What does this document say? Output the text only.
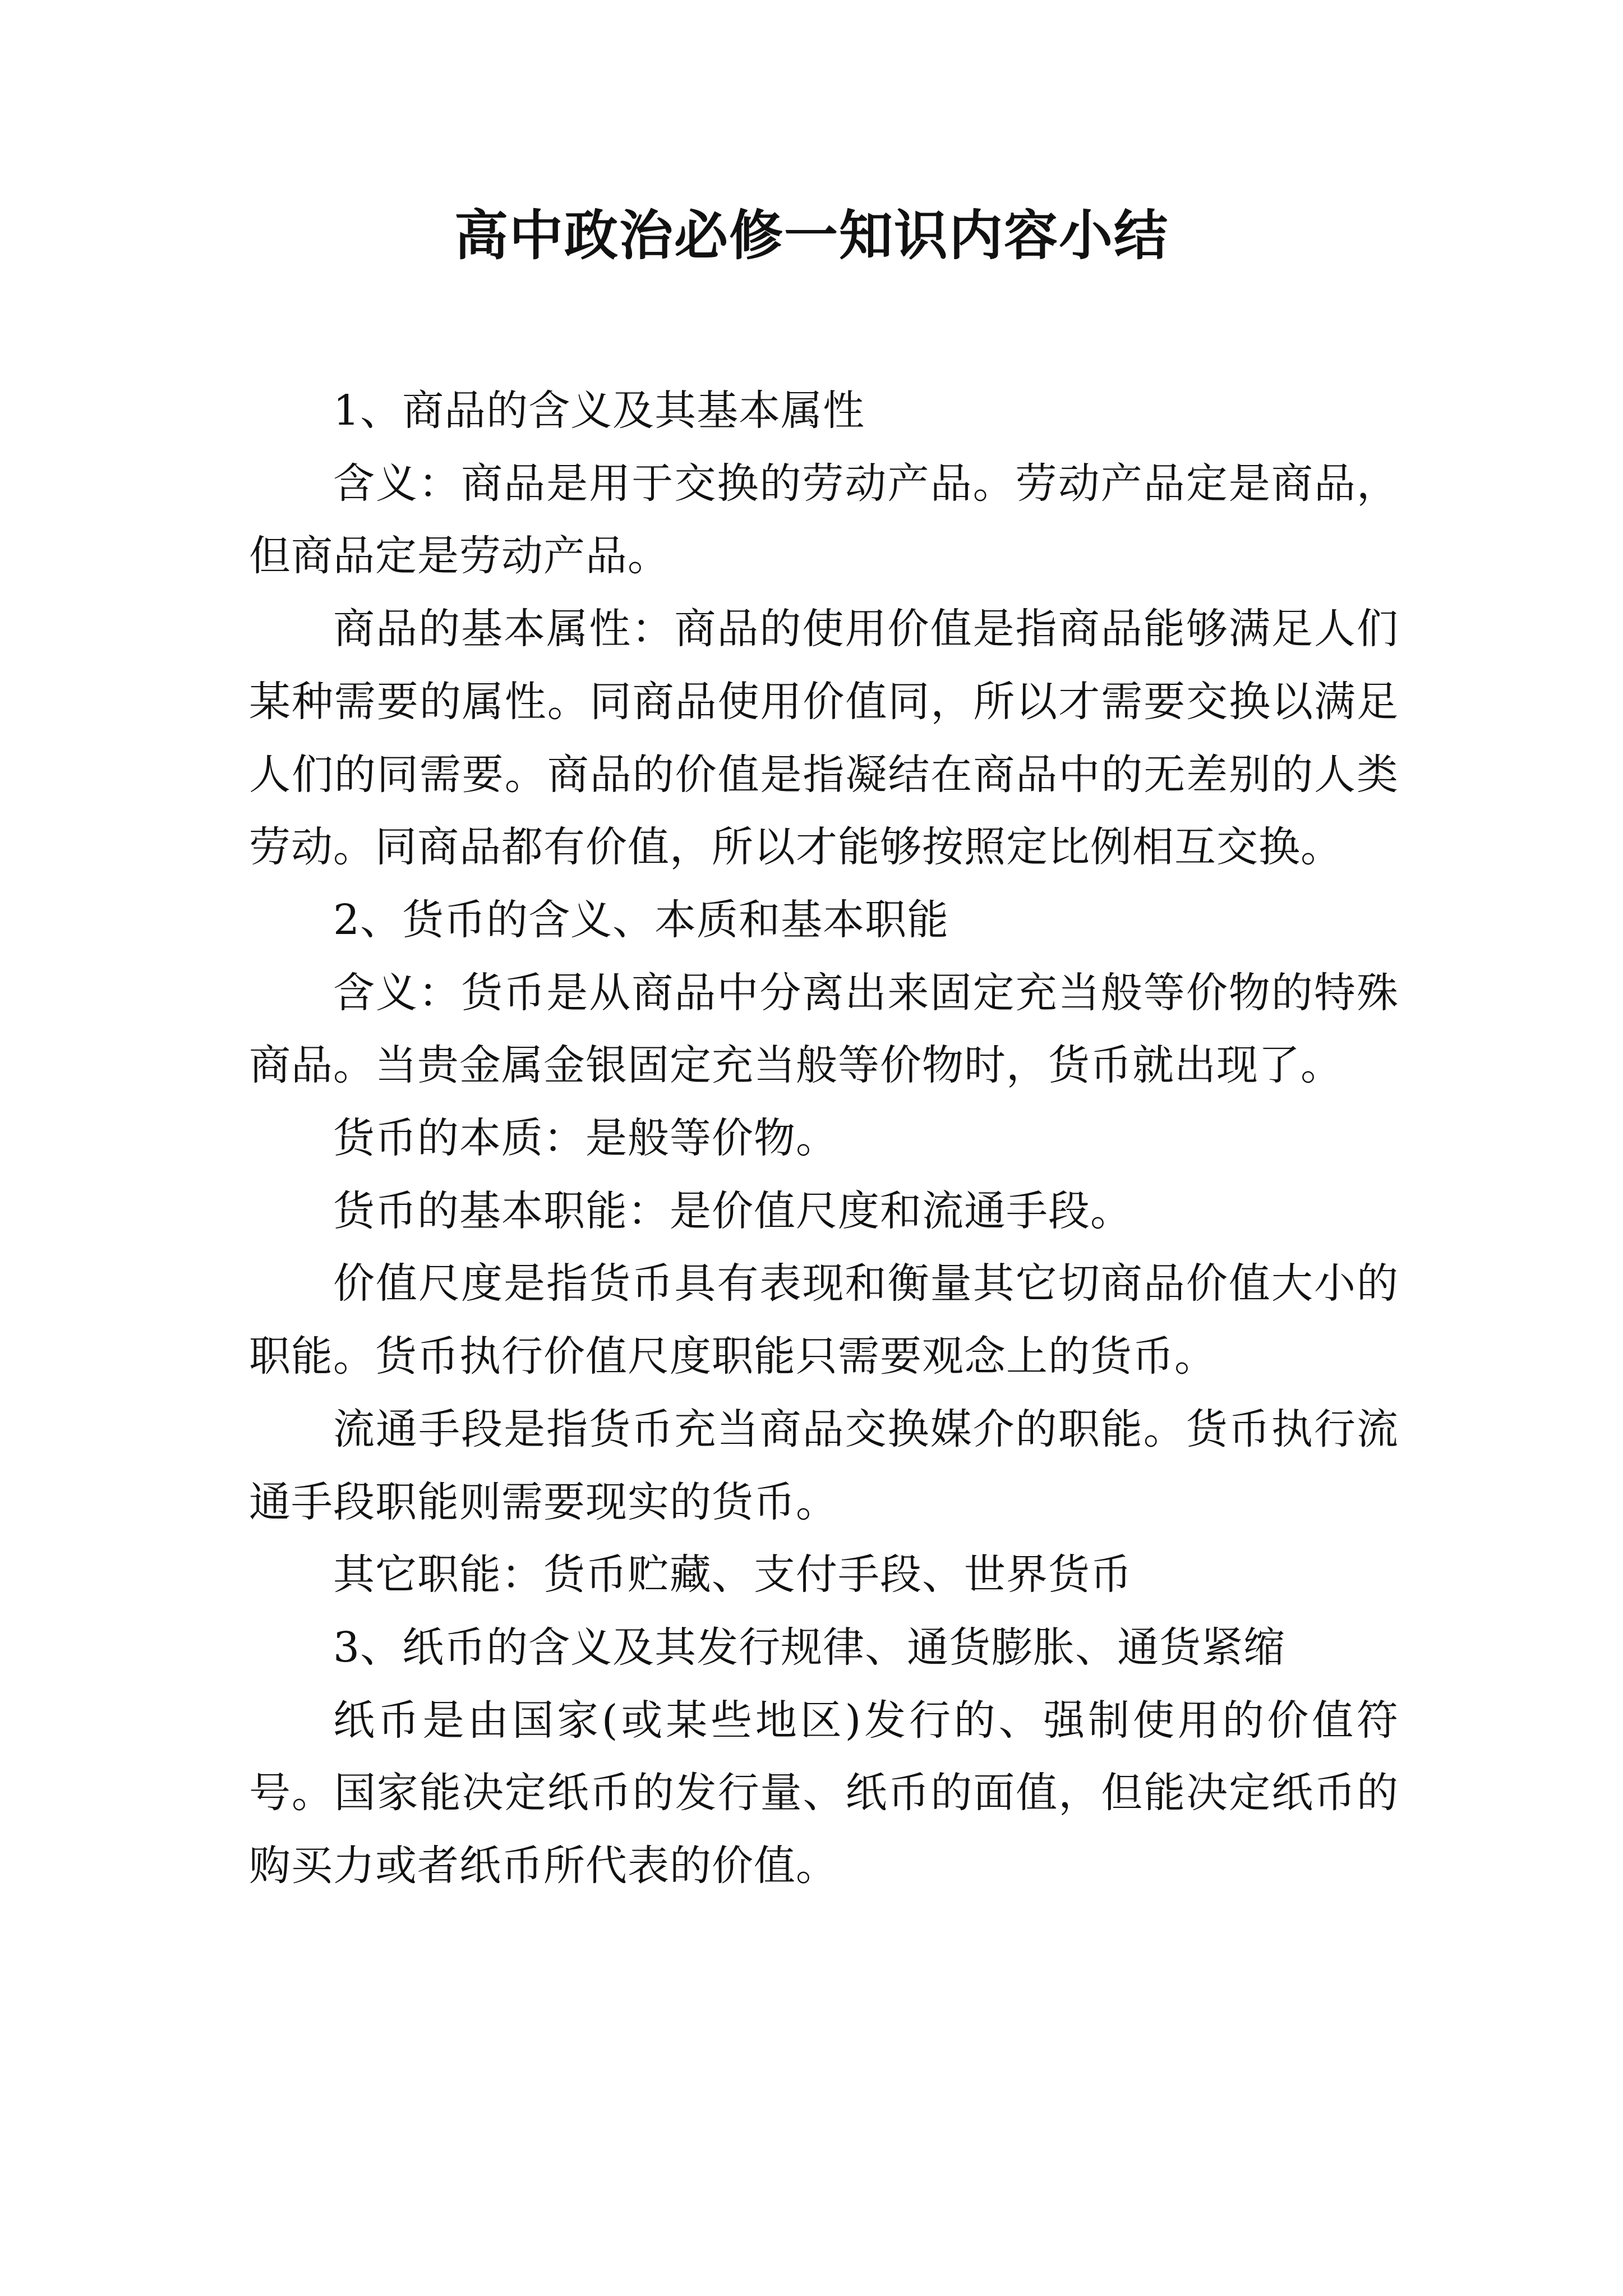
高中政治必修一知识内容小结

1、商品的含义及其基本属性

含义：商品是用于交换的劳动产品。劳动产品定是商品，但商品定是劳动产品。

商品的基本属性：商品的使用价值是指商品能够满足人们某种需要的属性。同商品使用价值同，所以才需要交换以满足人们的同需要。商品的价值是指凝结在商品中的无差别的人类劳动。同商品都有价值，所以才能够按照定比例相互交换。

2、货币的含义、本质和基本职能

含义：货币是从商品中分离出来固定充当般等价物的特殊商品。当贵金属金银固定充当般等价物时，货币就出现了。

货币的本质：是般等价物。

货币的基本职能：是价值尺度和流通手段。

价值尺度是指货币具有表现和衡量其它切商品价值大小的职能。货币执行价值尺度职能只需要观念上的货币。

流通手段是指货币充当商品交换媒介的职能。货币执行流通手段职能则需要现实的货币。

其它职能：货币贮藏、支付手段、世界货币

3、纸币的含义及其发行规律、通货膨胀、通货紧缩

纸币是由国家(或某些地区)发行的、强制使用的价值符号。国家能决定纸币的发行量、纸币的面值，但能决定纸币的购买力或者纸币所代表的价值。
